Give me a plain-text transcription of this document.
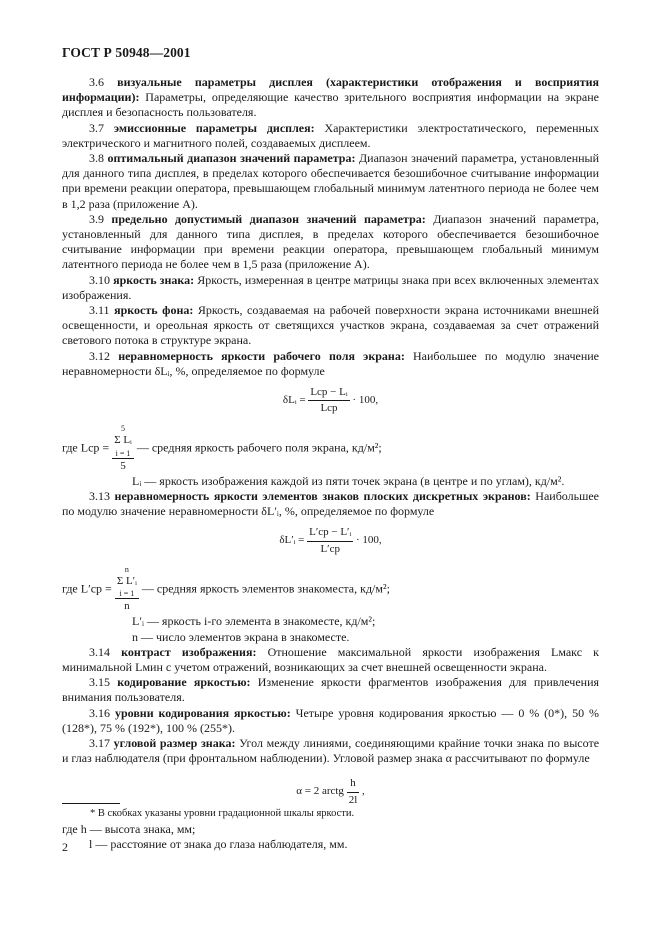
ГОСТ Р 50948—2001

3.6 визуальные параметры дисплея (характеристики отображения и восприятия информации): Параметры, определяющие качество зрительного восприятия информации на экране дисплея и безопасность пользователя.

3.7 эмиссионные параметры дисплея: Характеристики электростатического, переменных электрического и магнитного полей, создаваемых дисплеем.

3.8 оптимальный диапазон значений параметра: Диапазон значений параметра, установленный для данного типа дисплея, в пределах которого обеспечивается безошибочное считывание информации при времени реакции оператора, превышающем глобальный минимум латентного периода не более чем в 1,2 раза (приложение А).

3.9 предельно допустимый диапазон значений параметра: Диапазон значений параметра, установленный для данного типа дисплея, в пределах которого обеспечивается безошибочное считывание информации при времени реакции оператора, превышающем глобальный минимум латентного периода не более чем в 1,5 раза (приложение А).

3.10 яркость знака: Яркость, измеренная в центре матрицы знака при всех включенных элементах изображения.

3.11 яркость фона: Яркость, создаваемая на рабочей поверхности экрана источниками внешней освещенности, и ореольная яркость от светящихся участков экрана, создаваемая за счет отражений светового потока в структуре экрана.

3.12 неравномерность яркости рабочего поля экрана: Наибольшее по модулю значение неравномерности δLᵢ, %, определяемое по формуле

δLᵢ = $\frac{\text{Lср − Lᵢ}}{\text{Lср}} \cdot 100$,
где Lср =
5
Σ Lᵢ
i = 1
5
— средняя яркость рабочего поля экрана, кд/м²;
Lᵢ — яркость изображения каждой из пяти точек экрана (в центре и по углам), кд/м².

3.13 неравномерность яркости элементов знаков плоских дискретных экранов: Наибольшее по модулю значение неравномерности δL′ᵢ, %, определяемое по формуле

δL′ᵢ = $\frac{\text{L′ср − L′ᵢ}}{L'ср} \cdot 100$,
где L′ср = n
Σ L′ᵢ
i = 1
n — средняя яркость элементов знакоместа, кд/м²;
L′ᵢ — яркость i-го элемента в знакоместе, кд/м²;
n — число элементов экрана в знакоместе.

3.14 контраст изображения: Отношение максимальной яркости изображения Lмакс к минимальной Lмин с учетом отражений, возникающих за счет внешней освещенности экрана.

3.15 кодирование яркостью: Изменение яркости фрагментов изображения для привлечения внимания пользователя.

3.16 уровни кодирования яркостью: Четыре уровня кодирования яркостью — 0 % (0*), 50 % (128*), 75 % (192*), 100 % (255*).

3.17 угловой размер знака: Угол между линиями, соединяющими крайние точки знака по высоте и глаз наблюдателя (при фронтальном наблюдении). Угловой размер знака α рассчитывают по формуле

α = 2 arctg $\frac{h}{2l}$ ,
где h — высота знака, мм;
l — расстояние от знака до глаза наблюдателя, мм.
* В скобках указаны уровни градационной шкалы яркости.
2
